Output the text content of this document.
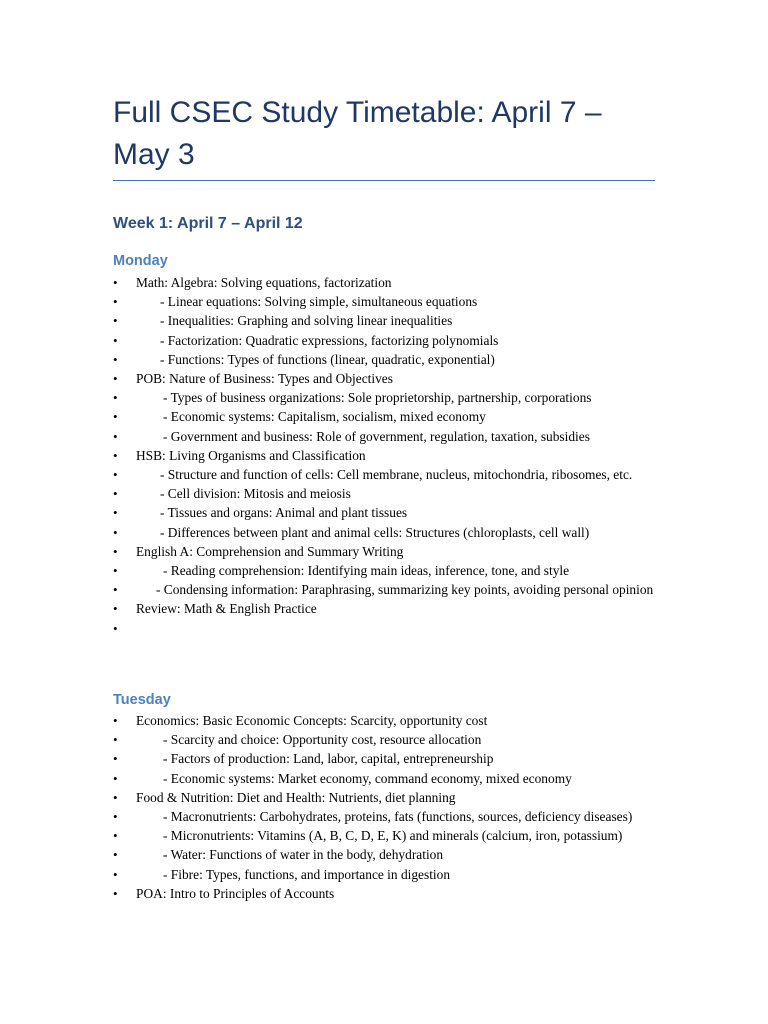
Full CSEC Study Timetable: April 7 – May 3
Week 1: April 7 – April 12
Monday
• Math: Algebra: Solving equations, factorization
•	- Linear equations: Solving simple, simultaneous equations
•	- Inequalities: Graphing and solving linear inequalities
•	- Factorization: Quadratic expressions, factorizing polynomials
•	- Functions: Types of functions (linear, quadratic, exponential)
• POB: Nature of Business: Types and Objectives
•	- Types of business organizations: Sole proprietorship, partnership, corporations
•	- Economic systems: Capitalism, socialism, mixed economy
•	- Government and business: Role of government, regulation, taxation, subsidies
• HSB: Living Organisms and Classification
•	- Structure and function of cells: Cell membrane, nucleus, mitochondria, ribosomes, etc.
•	- Cell division: Mitosis and meiosis
•	- Tissues and organs: Animal and plant tissues
•	- Differences between plant and animal cells: Structures (chloroplasts, cell wall)
• English A: Comprehension and Summary Writing
•	- Reading comprehension: Identifying main ideas, inference, tone, and style
•	- Condensing information: Paraphrasing, summarizing key points, avoiding personal opinion
• Review: Math & English Practice
•
Tuesday
• Economics: Basic Economic Concepts: Scarcity, opportunity cost
•	- Scarcity and choice: Opportunity cost, resource allocation
•	- Factors of production: Land, labor, capital, entrepreneurship
•	- Economic systems: Market economy, command economy, mixed economy
• Food & Nutrition: Diet and Health: Nutrients, diet planning
•	- Macronutrients: Carbohydrates, proteins, fats (functions, sources, deficiency diseases)
•	- Micronutrients: Vitamins (A, B, C, D, E, K) and minerals (calcium, iron, potassium)
•	- Water: Functions of water in the body, dehydration
•	- Fibre: Types, functions, and importance in digestion
• POA: Intro to Principles of Accounts
